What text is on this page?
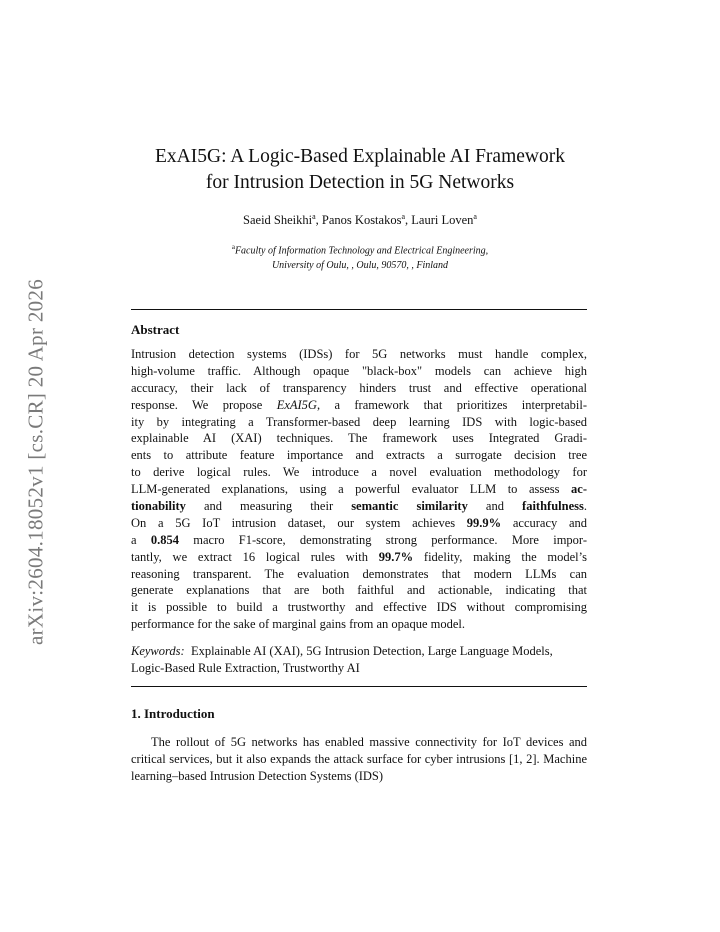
arXiv:2604.18052v1 [cs.CR] 20 Apr 2026
ExAI5G: A Logic-Based Explainable AI Framework
for Intrusion Detection in 5G Networks
Saeid Sheikhi$^a$, Panos Kostakos$^a$, Lauri Loven$^a$
$^a$Faculty of Information Technology and Electrical Engineering,
University of Oulu, , Oulu, 90570, , Finland
Abstract
Intrusion detection systems (IDSs) for 5G networks must handle complex,
high-volume traffic. Although opaque "black-box" models can achieve high
accuracy, their lack of transparency hinders trust and effective operational
response. We propose ExAI5G, a framework that prioritizes interpretabil-
ity by integrating a Transformer-based deep learning IDS with logic-based
explainable AI (XAI) techniques. The framework uses Integrated Gradi-
ents to attribute feature importance and extracts a surrogate decision tree
to derive logical rules. We introduce a novel evaluation methodology for
LLM-generated explanations, using a powerful evaluator LLM to assess ac-
tionability and measuring their semantic similarity and faithfulness.
On a 5G IoT intrusion dataset, our system achieves 99.9% accuracy and
a 0.854 macro F1-score, demonstrating strong performance. More impor-
tantly, we extract 16 logical rules with 99.7% fidelity, making the model’s
reasoning transparent. The evaluation demonstrates that modern LLMs can
generate explanations that are both faithful and actionable, indicating that
it is possible to build a trustworthy and effective IDS without compromising
performance for the sake of marginal gains from an opaque model.
Keywords: Explainable AI (XAI), 5G Intrusion Detection, Large Language Models, Logic-Based Rule Extraction, Trustworthy AI
1. Introduction
The rollout of 5G networks has enabled massive connectivity for IoT devices and critical services, but it also expands the attack surface for cyber intrusions [1, 2]. Machine learning–based Intrusion Detection Systems (IDS)
